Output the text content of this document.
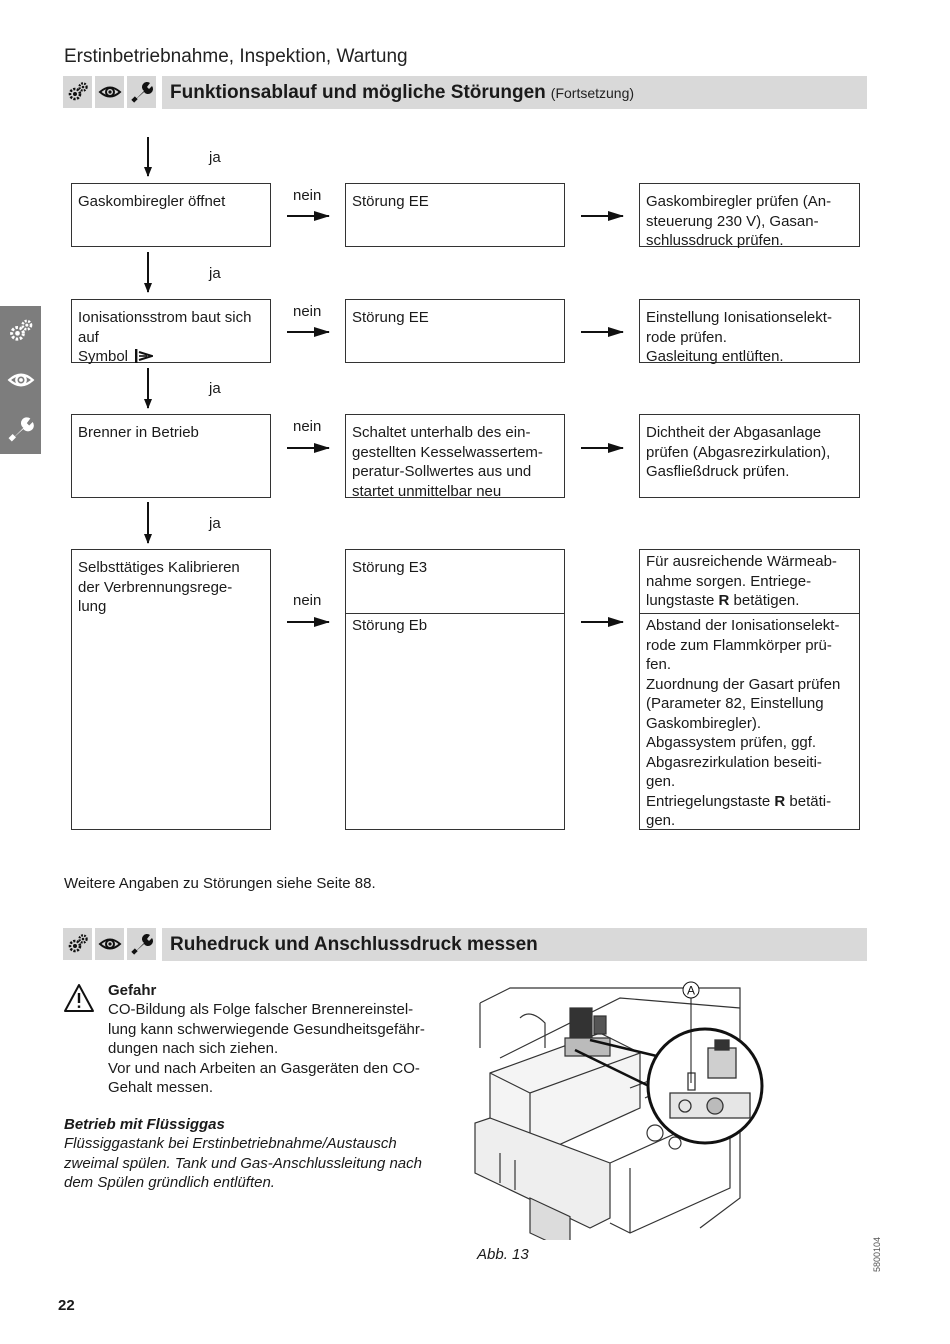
Erstinbetriebnahme, Inspektion, Wartung
Funktionsablauf und mögliche Störungen (Fortsetzung)
ja
ja
ja
ja
nein
nein
nein
nein
Gaskombiregler öffnet	Störung EE	Gaskombiregler prüfen (An-
steuerung 230 V), Gasan-
schlussdruck prüfen.
Ionisationsstrom baut sich
auf
Symbol
Störung EE	Einstellung Ionisationselekt-
rode prüfen.
Gasleitung entlüften.
Brenner in Betrieb	Schaltet unterhalb des ein-
gestellten Kesselwassertem-
peratur-Sollwertes aus und
startet unmittelbar neu
Dichtheit der Abgasanlage
prüfen (Abgasrezirkulation),
Gasfließdruck prüfen.
Selbsttätiges Kalibrieren
der Verbrennungsrege-
lung
Störung E3
Störung Eb
Für ausreichende Wärmeab-
nahme sorgen. Entriege-
lungstaste R betätigen.
Abstand der Ionisationselekt-
rode zum Flammkörper prü-
fen.
Zuordnung der Gasart prüfen
(Parameter 82, Einstellung
Gaskombiregler).
Abgassystem prüfen, ggf.
Abgasrezirkulation beseiti-
gen.
Entriegelungstaste R betäti-
gen.
Weitere Angaben zu Störungen siehe Seite 88.
Ruhedruck und Anschlussdruck messen
Gefahr
CO-Bildung als Folge falscher Brennereinstel-
lung kann schwerwiegende Gesundheitsgefähr-
dungen nach sich ziehen.
Vor und nach Arbeiten an Gasgeräten den CO-
Gehalt messen.
Betrieb mit Flüssiggas
Flüssiggastank bei Erstinbetriebnahme/Austausch
zweimal spülen. Tank und Gas-Anschlussleitung nach
dem Spülen gründlich entlüften.
A
Abb. 13
22
5800104
